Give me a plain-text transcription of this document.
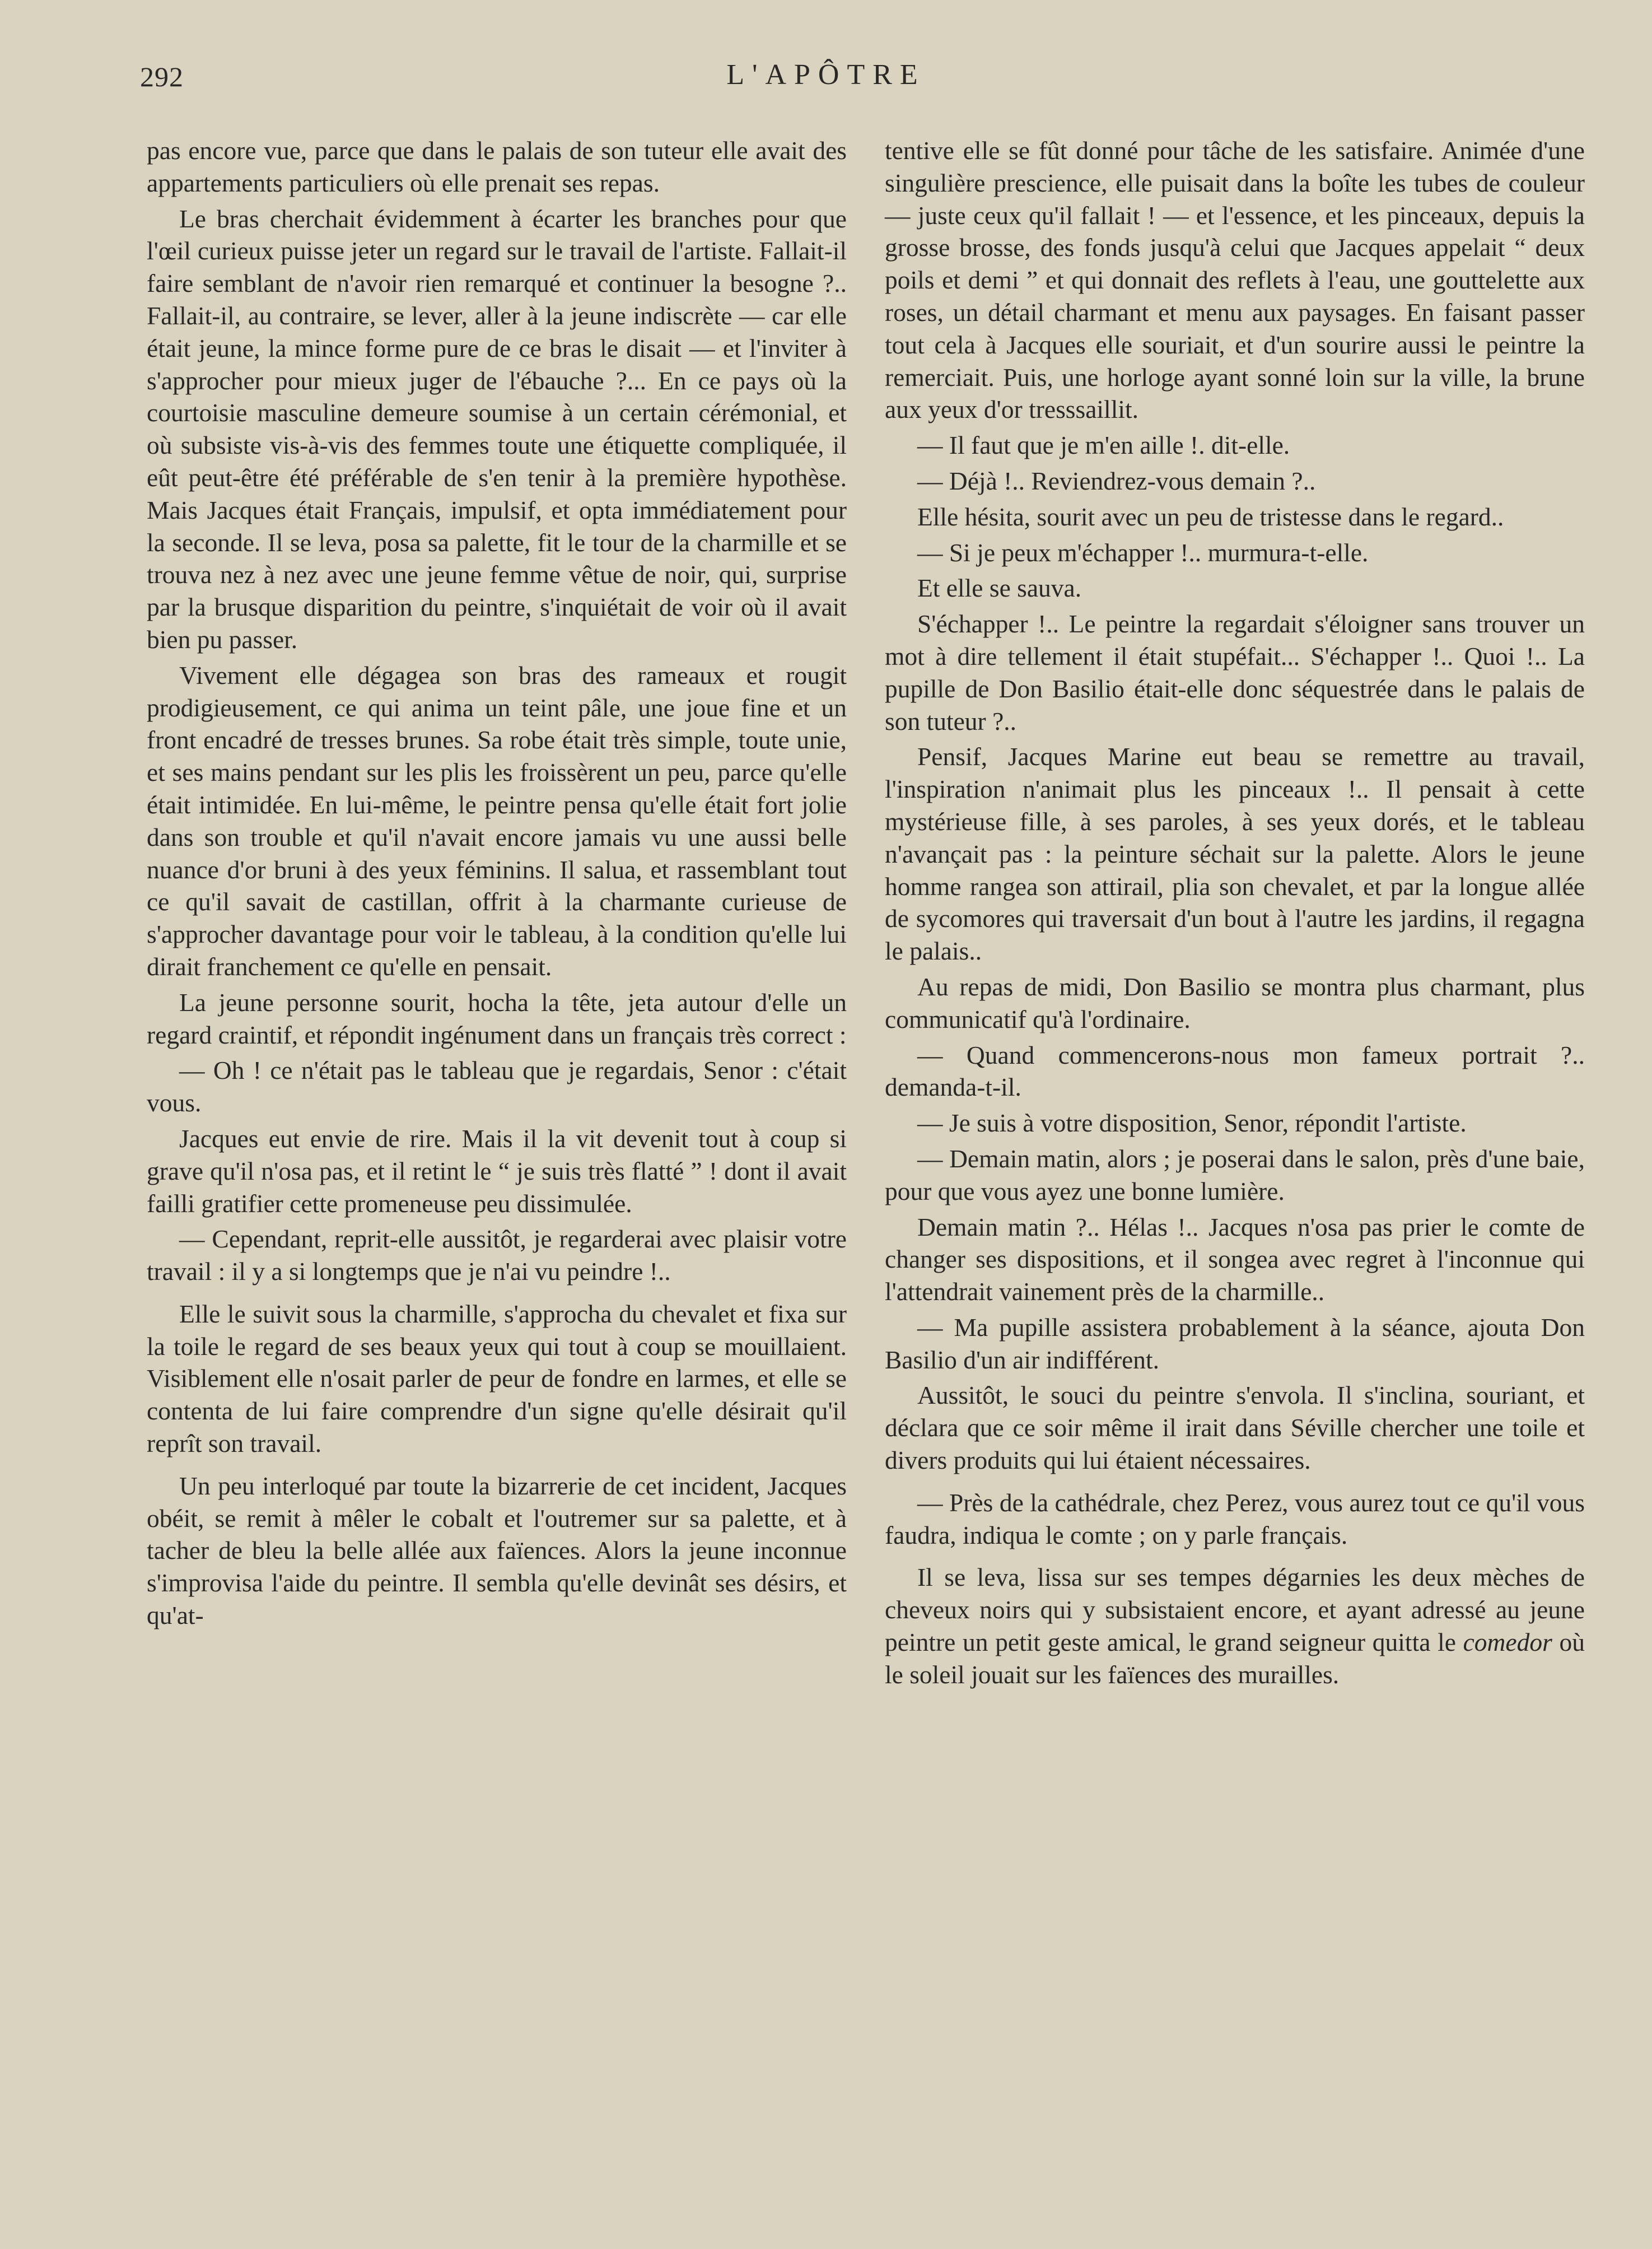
292	L'APÔTRE

pas encore vue, parce que dans le palais de son tuteur elle avait des appartements particuliers où elle prenait ses repas.

Le bras cherchait évidemment à écarter les branches pour que l'œil curieux puisse jeter un regard sur le travail de l'artiste. Fallait-il faire semblant de n'avoir rien remarqué et continuer la besogne ?.. Fallait-il, au contraire, se lever, aller à la jeune indiscrète — car elle était jeune, la mince forme pure de ce bras le disait — et l'inviter à s'approcher pour mieux juger de l'ébauche ?... En ce pays où la courtoisie masculine demeure soumise à un certain cérémonial, et où subsiste vis-à-vis des femmes toute une étiquette compliquée, il eût peut-être été préférable de s'en tenir à la première hypothèse. Mais Jacques était Français, impulsif, et opta immédiatement pour la seconde. Il se leva, posa sa palette, fit le tour de la charmille et se trouva nez à nez avec une jeune femme vêtue de noir, qui, surprise par la brusque disparition du peintre, s'inquiétait de voir où il avait bien pu passer.

Vivement elle dégagea son bras des rameaux et rougit prodigieusement, ce qui anima un teint pâle, une joue fine et un front encadré de tresses brunes. Sa robe était très simple, toute unie, et ses mains pendant sur les plis les froissèrent un peu, parce qu'elle était intimidée. En lui-même, le peintre pensa qu'elle était fort jolie dans son trouble et qu'il n'avait encore jamais vu une aussi belle nuance d'or bruni à des yeux féminins. Il salua, et rassemblant tout ce qu'il savait de castillan, offrit à la charmante curieuse de s'approcher davantage pour voir le tableau, à la condition qu'elle lui dirait franchement ce qu'elle en pensait.

La jeune personne sourit, hocha la tête, jeta autour d'elle un regard craintif, et répondit ingénument dans un français très correct :

— Oh ! ce n'était pas le tableau que je regardais, Senor : c'était vous.

Jacques eut envie de rire. Mais il la vit devenit tout à coup si grave qu'il n'osa pas, et il retint le “ je suis très flatté ” ! dont il avait failli gratifier cette promeneuse peu dissimulée.

— Cependant, reprit-elle aussitôt, je regarderai avec plaisir votre travail : il y a si longtemps que je n'ai vu peindre !..

Elle le suivit sous la charmille, s'approcha du chevalet et fixa sur la toile le regard de ses beaux yeux qui tout à coup se mouillaient. Visiblement elle n'osait parler de peur de fondre en larmes, et elle se contenta de lui faire comprendre d'un signe qu'elle désirait qu'il reprît son travail.

Un peu interloqué par toute la bizarrerie de cet incident, Jacques obéit, se remit à mêler le cobalt et l'outremer sur sa palette, et à tacher de bleu la belle allée aux faïences. Alors la jeune inconnue s'improvisa l'aide du peintre. Il sembla qu'elle devinât ses désirs, et qu'at-

tentive elle se fût donné pour tâche de les satisfaire. Animée d'une singulière prescience, elle puisait dans la boîte les tubes de couleur — juste ceux qu'il fallait ! — et l'essence, et les pinceaux, depuis la grosse brosse, des fonds jusqu'à celui que Jacques appelait “ deux poils et demi ” et qui donnait des reflets à l'eau, une gouttelette aux roses, un détail charmant et menu aux paysages. En faisant passer tout cela à Jacques elle souriait, et d'un sourire aussi le peintre la remerciait. Puis, une horloge ayant sonné loin sur la ville, la brune aux yeux d'or tresssaillit.

— Il faut que je m'en aille !. dit-elle.

— Déjà !.. Reviendrez-vous demain ?..

Elle hésita, sourit avec un peu de tristesse dans le regard..

— Si je peux m'échapper !.. murmura-t-elle.

Et elle se sauva.

S'échapper !.. Le peintre la regardait s'éloigner sans trouver un mot à dire tellement il était stupéfait... S'échapper !.. Quoi !.. La pupille de Don Basilio était-elle donc séquestrée dans le palais de son tuteur ?..

Pensif, Jacques Marine eut beau se remettre au travail, l'inspiration n'animait plus les pinceaux !.. Il pensait à cette mystérieuse fille, à ses paroles, à ses yeux dorés, et le tableau n'avançait pas : la peinture séchait sur la palette. Alors le jeune homme rangea son attirail, plia son chevalet, et par la longue allée de sycomores qui traversait d'un bout à l'autre les jardins, il regagna le palais..

Au repas de midi, Don Basilio se montra plus charmant, plus communicatif qu'à l'ordinaire.

— Quand commencerons-nous mon fameux portrait ?.. demanda-t-il.

— Je suis à votre disposition, Senor, répondit l'artiste.

— Demain matin, alors ; je poserai dans le salon, près d'une baie, pour que vous ayez une bonne lumière.

Demain matin ?.. Hélas !.. Jacques n'osa pas prier le comte de changer ses dispositions, et il songea avec regret à l'inconnue qui l'attendrait vainement près de la charmille..

— Ma pupille assistera probablement à la séance, ajouta Don Basilio d'un air indifférent.

Aussitôt, le souci du peintre s'envola. Il s'inclina, souriant, et déclara que ce soir même il irait dans Séville chercher une toile et divers produits qui lui étaient nécessaires.

— Près de la cathédrale, chez Perez, vous aurez tout ce qu'il vous faudra, indiqua le comte ; on y parle français.

Il se leva, lissa sur ses tempes dégarnies les deux mèches de cheveux noirs qui y subsistaient encore, et ayant adressé au jeune peintre un petit geste amical, le grand seigneur quitta le comedor où le soleil jouait sur les faïences des murailles.
